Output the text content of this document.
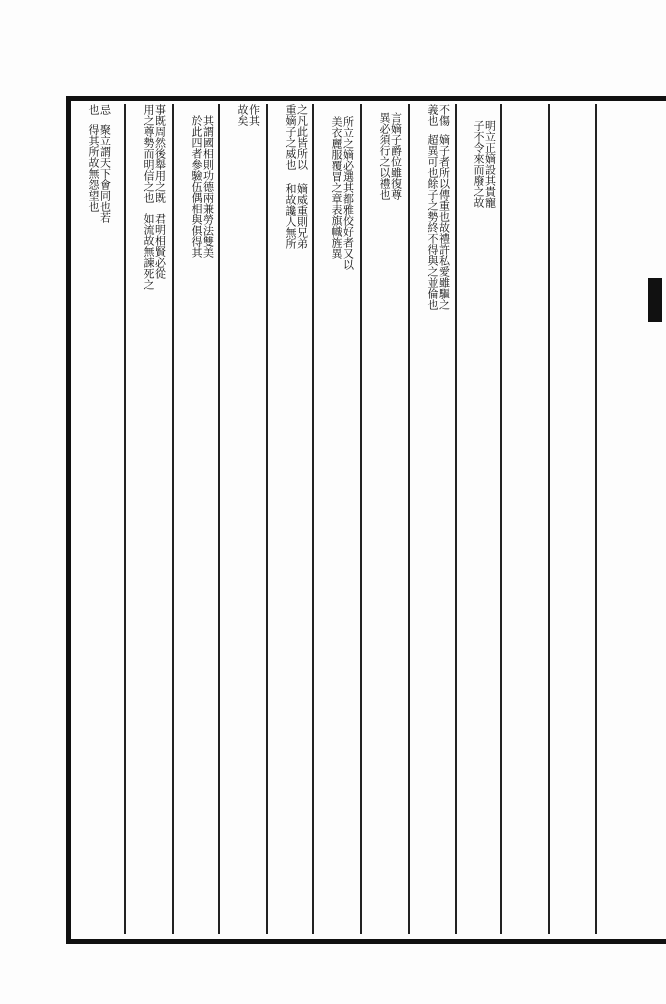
子不令來而廢之故
明立正嫡設其貴寵
義也
不傷
超異可也餘子之勢終不得與之並倫也
嫡子者所以傳重也故禮許私愛雖驅之
異必須行之以禮也
言嫡子爵位雖復尊
美衣麗服覆冒之章表旗幟旌異
所立之嫡必選其都雅佼好者又以
重嫡子之威也
之凡此皆所以
和故讒人無所
嫡威重則兄弟
故矣
作其
於此四者參驗伍偶相與俱得其
其謂國相則功德兩兼勞法雙美
用之尊勢而明信之也
事既周然後舉用之既
如流故無諫死之
君明相賢必從
也
忌
得其所故無怨望也
聚立謂天下會同也若
